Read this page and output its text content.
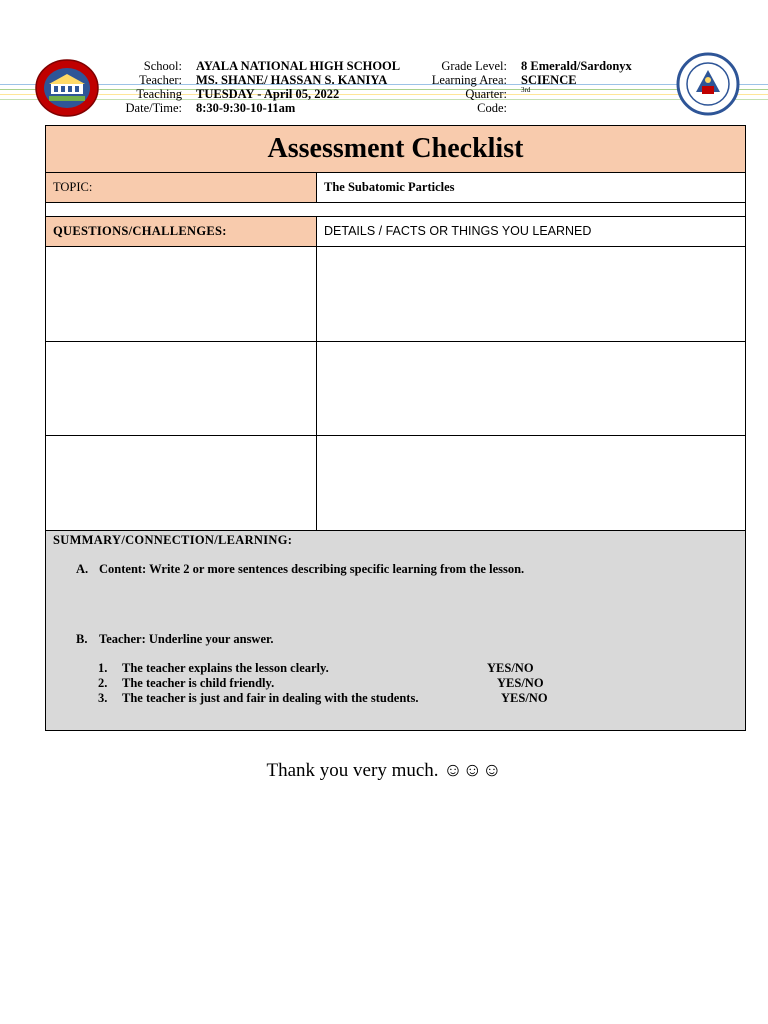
School: AYALA NATIONAL HIGH SCHOOL
Teacher: MS. SHANE/ HASSAN S. KANIYA
Teaching TUESDAY - April 05, 2022
Date/Time: 8:30-9:30-10-11am
Grade Level: 8 Emerald/Sardonyx
Learning Area: SCIENCE
Quarter: 3rd
Code:
Assessment Checklist
TOPIC:	The Subatomic Particles
QUESTIONS/CHALLENGES:	DETAILS / FACTS OR THINGS YOU LEARNED
SUMMARY/CONNECTION/LEARNING:
A. Content: Write 2 or more sentences describing specific learning from the lesson.
B. Teacher: Underline your answer.
1. The teacher explains the lesson clearly.	YES/NO
2. The teacher is child friendly.	YES/NO
3. The teacher is just and fair in dealing with the students.	YES/NO
Thank you very much. ☺☺☺
